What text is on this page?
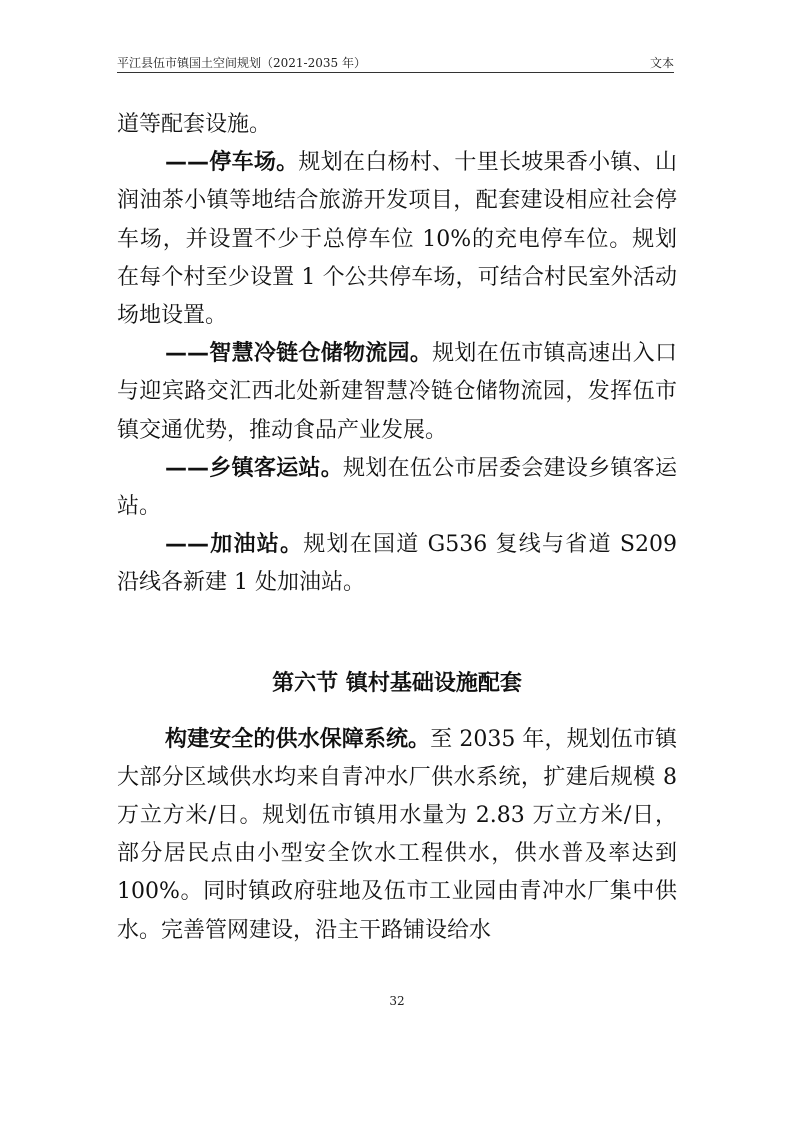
平江县伍市镇国土空间规划（2021-2035 年）	文本

道等配套设施。

——停车场。规划在白杨村、十里长坡果香小镇、山润油茶小镇等地结合旅游开发项目，配套建设相应社会停车场，并设置不少于总停车位 10%的充电停车位。规划在每个村至少设置 1 个公共停车场，可结合村民室外活动场地设置。

——智慧冷链仓储物流园。规划在伍市镇高速出入口与迎宾路交汇西北处新建智慧冷链仓储物流园，发挥伍市镇交通优势，推动食品产业发展。

——乡镇客运站。规划在伍公市居委会建设乡镇客运站。

——加油站。规划在国道 G536 复线与省道 S209 沿线各新建 1 处加油站。

第六节 镇村基础设施配套

构建安全的供水保障系统。至 2035 年，规划伍市镇大部分区域供水均来自青冲水厂供水系统，扩建后规模 8 万立方米/日。规划伍市镇用水量为 2.83 万立方米/日，部分居民点由小型安全饮水工程供水，供水普及率达到 100%。同时镇政府驻地及伍市工业园由青冲水厂集中供水。完善管网建设，沿主干路铺设给水

32
